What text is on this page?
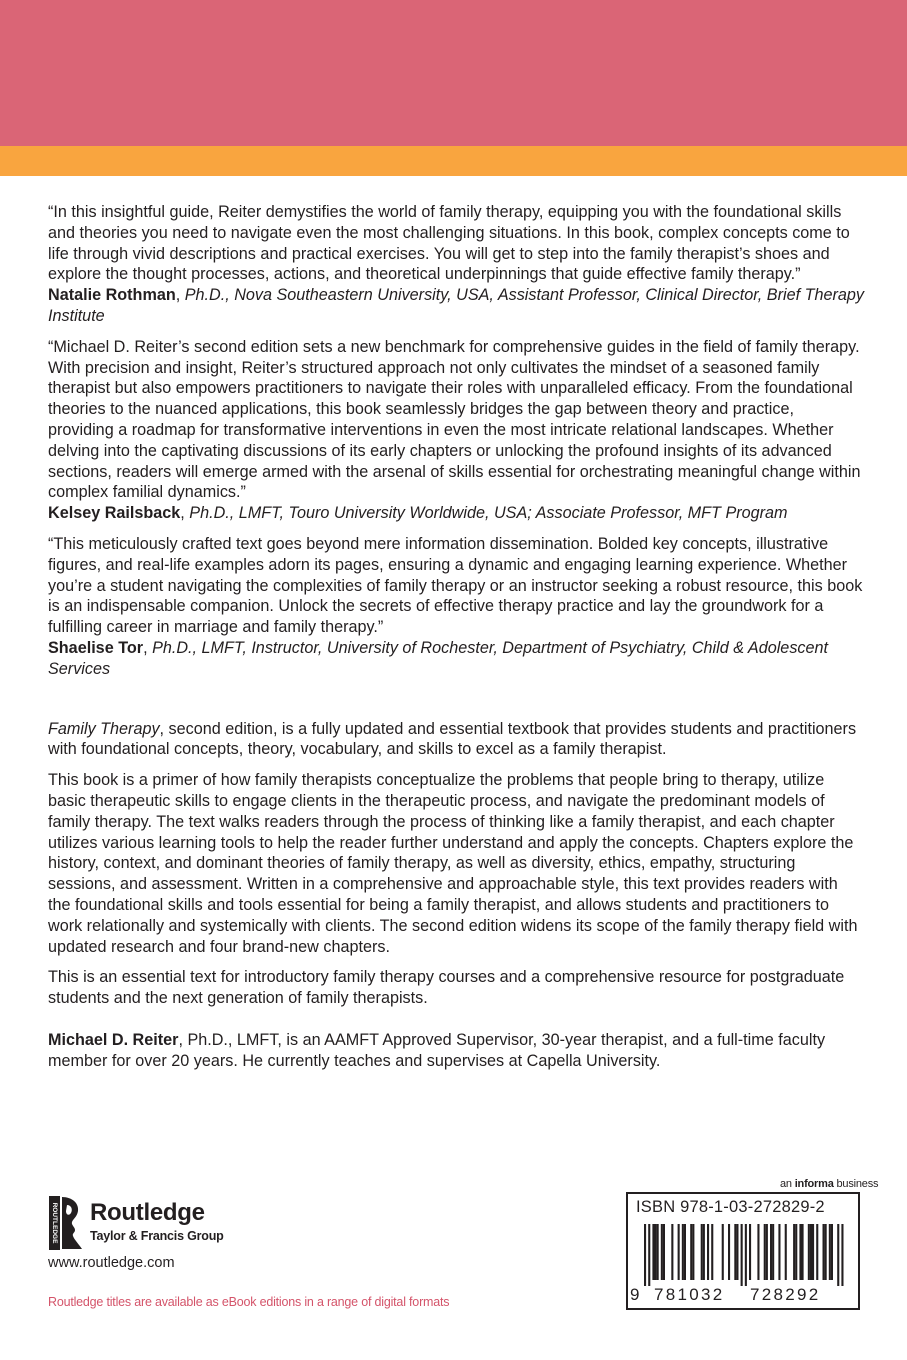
“In this insightful guide, Reiter demystifies the world of family therapy, equipping you with the foundational skills and theories you need to navigate even the most challenging situations. In this book, complex concepts come to life through vivid descriptions and practical exercises. You will get to step into the family therapist’s shoes and explore the thought processes, actions, and theoretical underpinnings that guide effective family therapy.”

Natalie Rothman, Ph.D., Nova Southeastern University, USA, Assistant Professor, Clinical Director, Brief Therapy Institute

“Michael D. Reiter’s second edition sets a new benchmark for comprehensive guides in the field of family therapy. With precision and insight, Reiter’s structured approach not only cultivates the mindset of a seasoned family therapist but also empowers practitioners to navigate their roles with unparalleled efficacy. From the foundational theories to the nuanced applications, this book seamlessly bridges the gap between theory and practice, providing a roadmap for transformative interventions in even the most intricate relational landscapes. Whether delving into the captivating discussions of its early chapters or unlocking the profound insights of its advanced sections, readers will emerge armed with the arsenal of skills essential for orchestrating meaningful change within complex familial dynamics.”

Kelsey Railsback, Ph.D., LMFT, Touro University Worldwide, USA; Associate Professor, MFT Program

“This meticulously crafted text goes beyond mere information dissemination. Bolded key concepts, illustrative figures, and real-life examples adorn its pages, ensuring a dynamic and engaging learning experience. Whether you’re a student navigating the complexities of family therapy or an instructor seeking a robust resource, this book is an indispensable companion. Unlock the secrets of effective therapy practice and lay the groundwork for a fulfilling career in marriage and family therapy.”

Shaelise Tor, Ph.D., LMFT, Instructor, University of Rochester, Department of Psychiatry, Child & Adolescent Services

Family Therapy, second edition, is a fully updated and essential textbook that provides students and practitioners with foundational concepts, theory, vocabulary, and skills to excel as a family therapist.

This book is a primer of how family therapists conceptualize the problems that people bring to therapy, utilize basic therapeutic skills to engage clients in the therapeutic process, and navigate the predominant models of family therapy. The text walks readers through the process of thinking like a family therapist, and each chapter utilizes various learning tools to help the reader further understand and apply the concepts. Chapters explore the history, context, and dominant theories of family therapy, as well as diversity, ethics, empathy, structuring sessions, and assessment. Written in a comprehensive and approachable style, this text provides readers with the foundational skills and tools essential for being a family therapist, and allows students and practitioners to work relationally and systemically with clients. The second edition widens its scope of the family therapy field with updated research and four brand-new chapters.

This is an essential text for introductory family therapy courses and a comprehensive resource for postgraduate students and the next generation of family therapists.

Michael D. Reiter, Ph.D., LMFT, is an AAMFT Approved Supervisor, 30-year therapist, and a full-time faculty member for over 20 years. He currently teaches and supervises at Capella University.

ROUTLEDGE Routledge
Taylor & Francis Group
www.routledge.com
Routledge titles are available as eBook editions in a range of digital formats
an informa business
ISBN 978-1-03-272829-2
9 781032 728292
